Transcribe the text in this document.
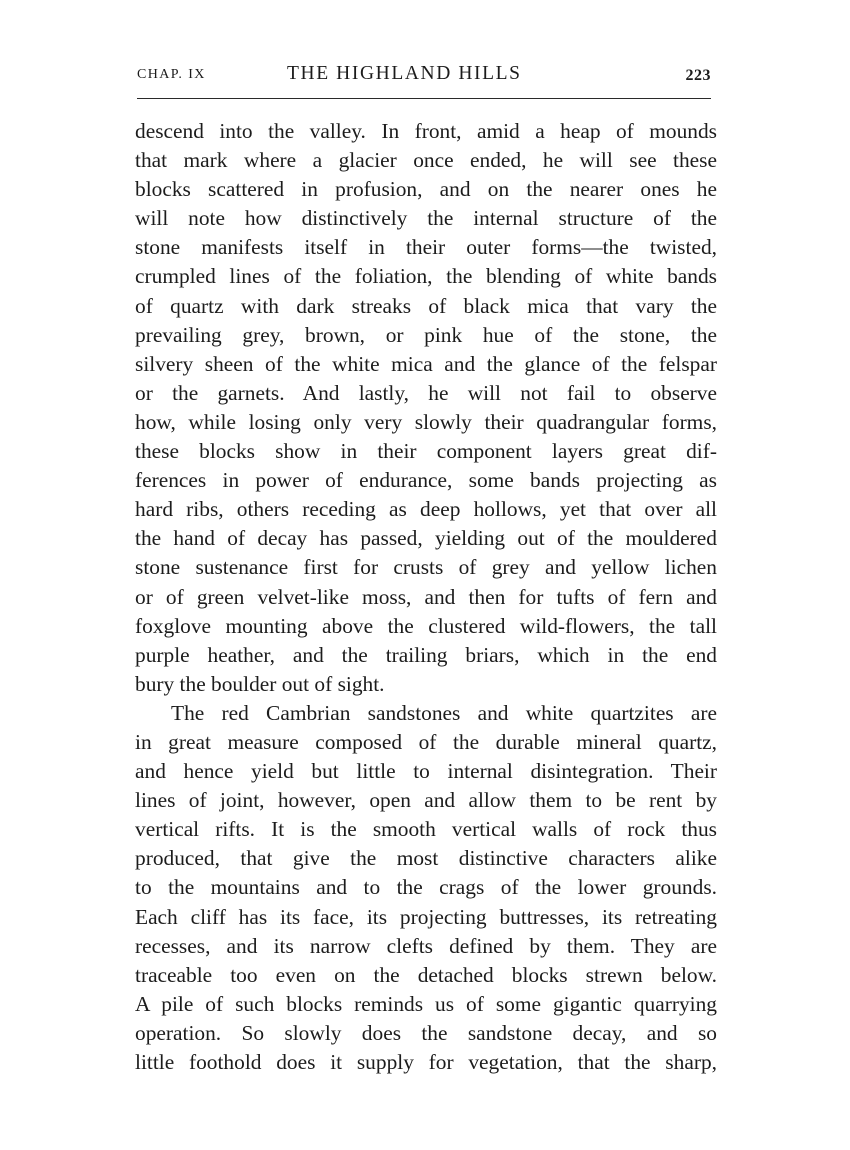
CHAP. IX	THE HIGHLAND HILLS	223
descend into the valley. In front, amid a heap of mounds
that mark where a glacier once ended, he will see these
blocks scattered in profusion, and on the nearer ones he
will note how distinctively the internal structure of the
stone manifests itself in their outer forms—the twisted,
crumpled lines of the foliation, the blending of white bands
of quartz with dark streaks of black mica that vary the
prevailing grey, brown, or pink hue of the stone, the
silvery sheen of the white mica and the glance of the felspar
or the garnets. And lastly, he will not fail to observe
how, while losing only very slowly their quadrangular forms,
these blocks show in their component layers great dif-
ferences in power of endurance, some bands projecting as
hard ribs, others receding as deep hollows, yet that over all
the hand of decay has passed, yielding out of the mouldered
stone sustenance first for crusts of grey and yellow lichen
or of green velvet-like moss, and then for tufts of fern and
foxglove mounting above the clustered wild-flowers, the tall
purple heather, and the trailing briars, which in the end
bury the boulder out of sight.
The red Cambrian sandstones and white quartzites are
in great measure composed of the durable mineral quartz,
and hence yield but little to internal disintegration. Their
lines of joint, however, open and allow them to be rent by
vertical rifts. It is the smooth vertical walls of rock thus
produced, that give the most distinctive characters alike
to the mountains and to the crags of the lower grounds.
Each cliff has its face, its projecting buttresses, its retreating
recesses, and its narrow clefts defined by them. They are
traceable too even on the detached blocks strewn below.
A pile of such blocks reminds us of some gigantic quarrying
operation. So slowly does the sandstone decay, and so
little foothold does it supply for vegetation, that the sharp,
